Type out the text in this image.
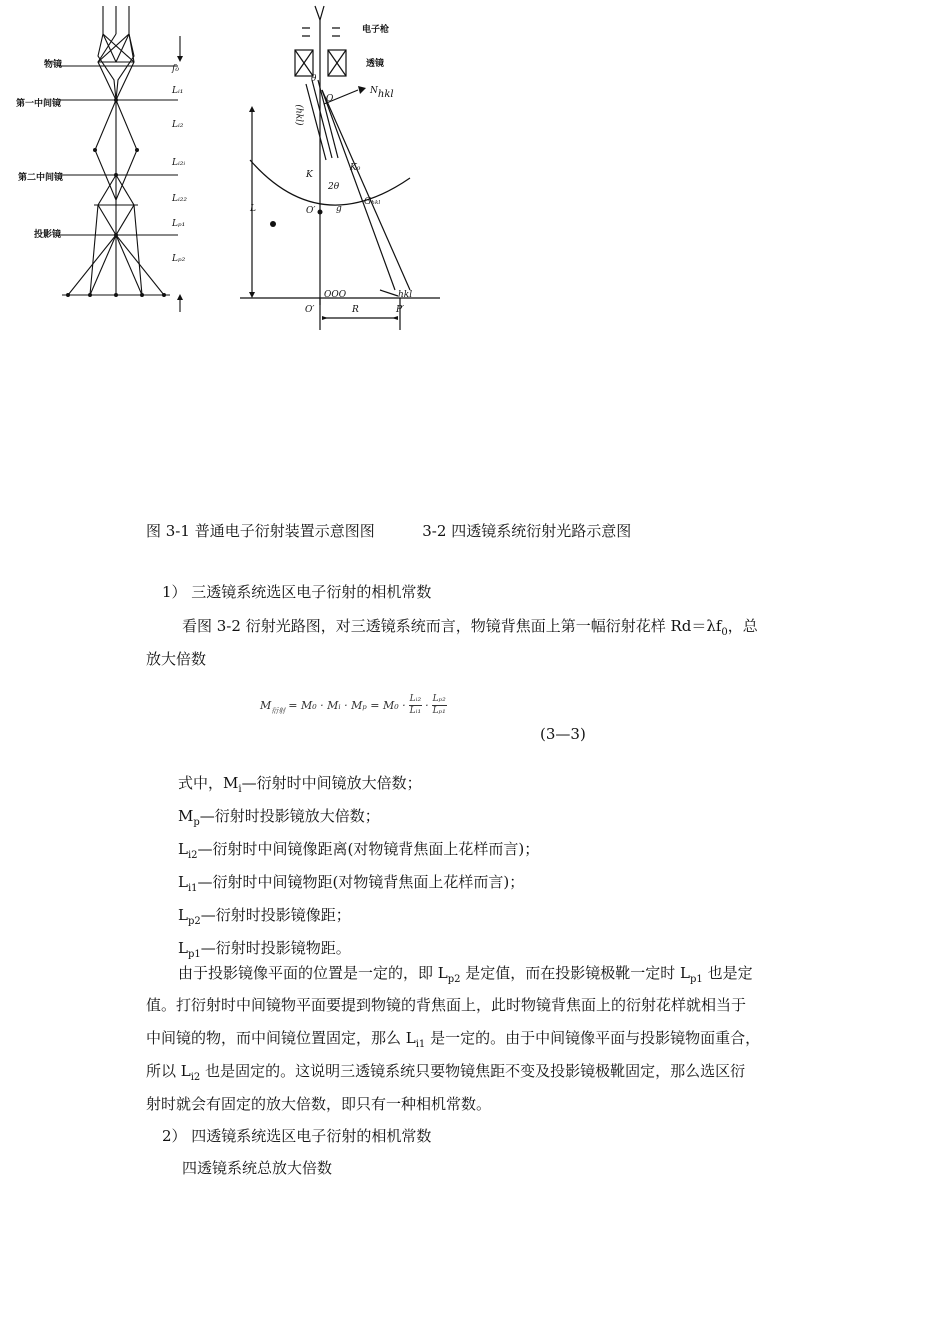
物镜
第一中间镜
第二中间镜
投影镜
f₀
Lᵢ₁
Lᵢ₂
Lᵢ₂ᵢ
Lᵢ₂₂
Lₚ₁
Lₚ₂
电子枪
透镜
θ
O
$N_{hkl}$
(hkl)
K
K₀
2θ
O′ g
Gₕₖₗ
L
OOO	hkl
O′	R	P′
图 3-1 普通电子衍射装置示意图图	3-2 四透镜系统衍射光路示意图
1） 三透镜系统选区电子衍射的相机常数
看图 3-2 衍射光路图，对三透镜系统而言，物镜背焦面上第一幅衍射花样 $Rd=\lambda f_0$，总
放大倍数
$M_{衍射} = M_0$ · Mᵢ · Mₚ = M₀ · Lᵢ₂
Lᵢ₁ · Lₚ₂
Lₚ₁
(3—3)
式中，$M_i—$衍射时中间镜放大倍数；
$M_p—$衍射时投影镜放大倍数；
$L_{i2}—$衍射时中间镜像距离(对物镜背焦面上花样而言)；
$L_{i1}—$衍射时中间镜物距(对物镜背焦面上花样而言)；
$L_{p2}—$衍射时投影镜像距；
$L_{p1}—$衍射时投影镜物距。
由于投影镜像平面的位置是一定的，即 $L_{p2}$ 是定值，而在投影镜极靴一定时 $L_{p1}$ 也是定
值。打衍射时中间镜物平面要提到物镜的背焦面上，此时物镜背焦面上的衍射花样就相当于
中间镜的物，而中间镜位置固定，那么 $L_{i1}$ 是一定的。由于中间镜像平面与投影镜物面重合，
所以 $L_{i2}$ 也是固定的。这说明三透镜系统只要物镜焦距不变及投影镜极靴固定，那么选区衍
射时就会有固定的放大倍数，即只有一种相机常数。
2） 四透镜系统选区电子衍射的相机常数
四透镜系统总放大倍数
